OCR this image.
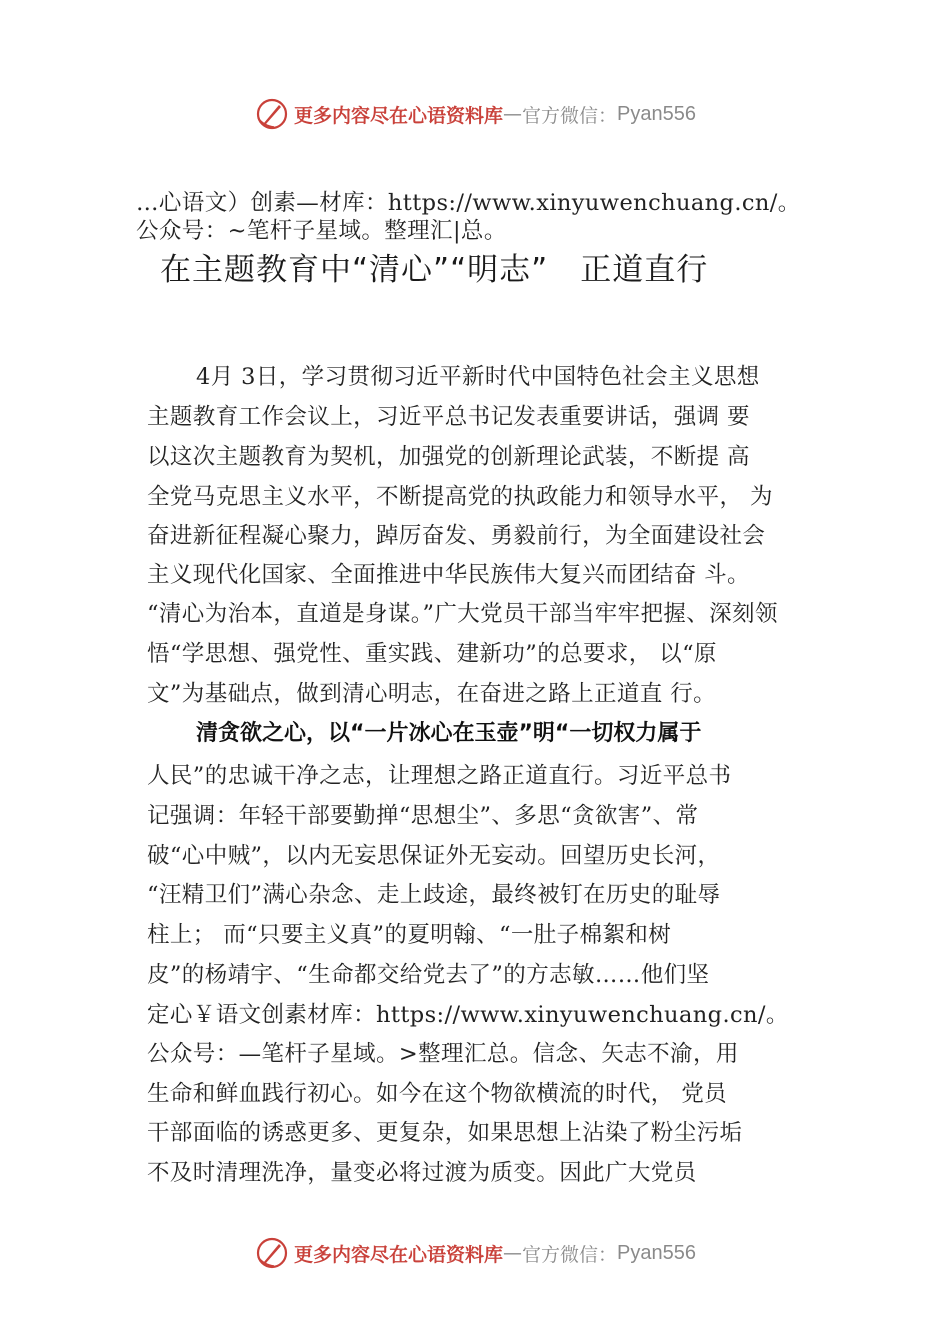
更多内容尽在心语资料库 — 官方微信： Pyan556
…心语文）创素—材库：https://www.xinyuwenchuang.cn/。
公众号：~笔杆子星域。整理汇|总。
在主题教育中“清心”“明志”　正道直行
4月 3日，学习贯彻习近平新时代中国特色社会主义思想
主题教育工作会议上，习近平总书记发表重要讲话，强调 要
以这次主题教育为契机，加强党的创新理论武装，不断提 高
全党马克思主义水平，不断提高党的执政能力和领导水平， 为
奋进新征程凝心聚力，踔厉奋发、勇毅前行，为全面建设社会
主义现代化国家、全面推进中华民族伟大复兴而团结奋 斗。
“清心为治本，直道是身谋。”广大党员干部当牢牢把握、深刻领
悟“学思想、强党性、重实践、建新功”的总要求， 以“原
文”为基础点，做到清心明志，在奋进之路上正道直 行。
清贪欲之心，以“一片冰心在玉壶”明“一切权力属于
人民”的忠诚干净之志，让理想之路正道直行。习近平总书
记强调：年轻干部要勤掸“思想尘”、多思“贪欲害”、常
破“心中贼”，以内无妄思保证外无妄动。回望历史长河，
“汪精卫们”满心杂念、走上歧途，最终被钉在历史的耻辱
柱上； 而“只要主义真”的夏明翰、“一肚子棉絮和树
皮”的杨靖宇、“生命都交给党去了”的方志敏……他们坚
定心￥语文创素材库：https://www.xinyuwenchuang.cn/。
公众号：—笔杆子星域。>整理汇总。信念、矢志不渝，用
生命和鲜血践行初心。如今在这个物欲横流的时代， 党员
干部面临的诱惑更多、更复杂，如果思想上沾染了粉尘污垢
不及时清理洗净，量变必将过渡为质变。因此广大党员
更多内容尽在心语资料库 — 官方微信： Pyan556
